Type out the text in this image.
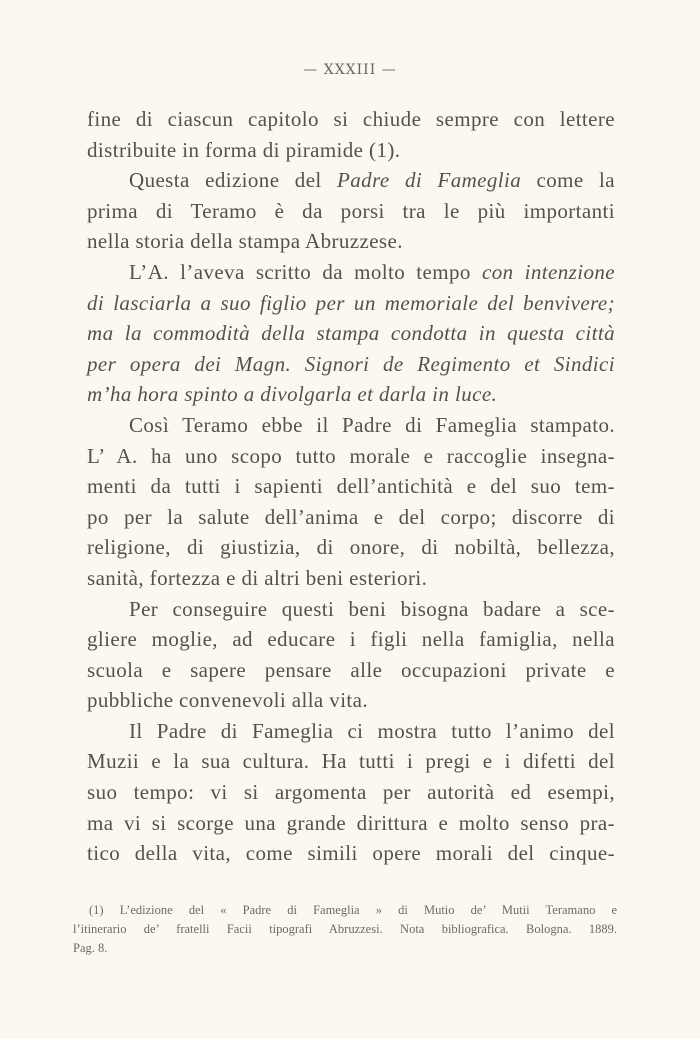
— XXXIII —
fine di ciascun capitolo si chiude sempre con lettere
distribuite in forma di piramide (1).
Questa edizione del Padre di Fameglia come la
prima di Teramo è da porsi tra le più importanti
nella storia della stampa Abruzzese.
L’A. l’aveva scritto da molto tempo con intenzione
di lasciarla a suo figlio per un memoriale del benvivere;
ma la commodità della stampa condotta in questa città
per opera dei Magn. Signori de Regimento et Sindici
m’ha hora spinto a divolgarla et darla in luce.
Così Teramo ebbe il Padre di Fameglia stampato.
L’ A. ha uno scopo tutto morale e raccoglie insegna-
menti da tutti i sapienti dell’antichità e del suo tem-
po per la salute dell’anima e del corpo; discorre di
religione, di giustizia, di onore, di nobiltà, bellezza,
sanità, fortezza e di altri beni esteriori.
Per conseguire questi beni bisogna badare a sce-
gliere moglie, ad educare i figli nella famiglia, nella
scuola e sapere pensare alle occupazioni private e
pubbliche convenevoli alla vita.
Il Padre di Fameglia ci mostra tutto l’animo del
Muzii e la sua cultura. Ha tutti i pregi e i difetti del
suo tempo: vi si argomenta per autorità ed esempi,
ma vi si scorge una grande dirittura e molto senso pra-
tico della vita, come simili opere morali del cinque-
(1) L’edizione del « Padre di Fameglia » di Mutio de’ Mutii Teramano e
l’itinerario de’ fratelli Facii tipografi Abruzzesi. Nota bibliografica. Bologna. 1889.
Pag. 8.
